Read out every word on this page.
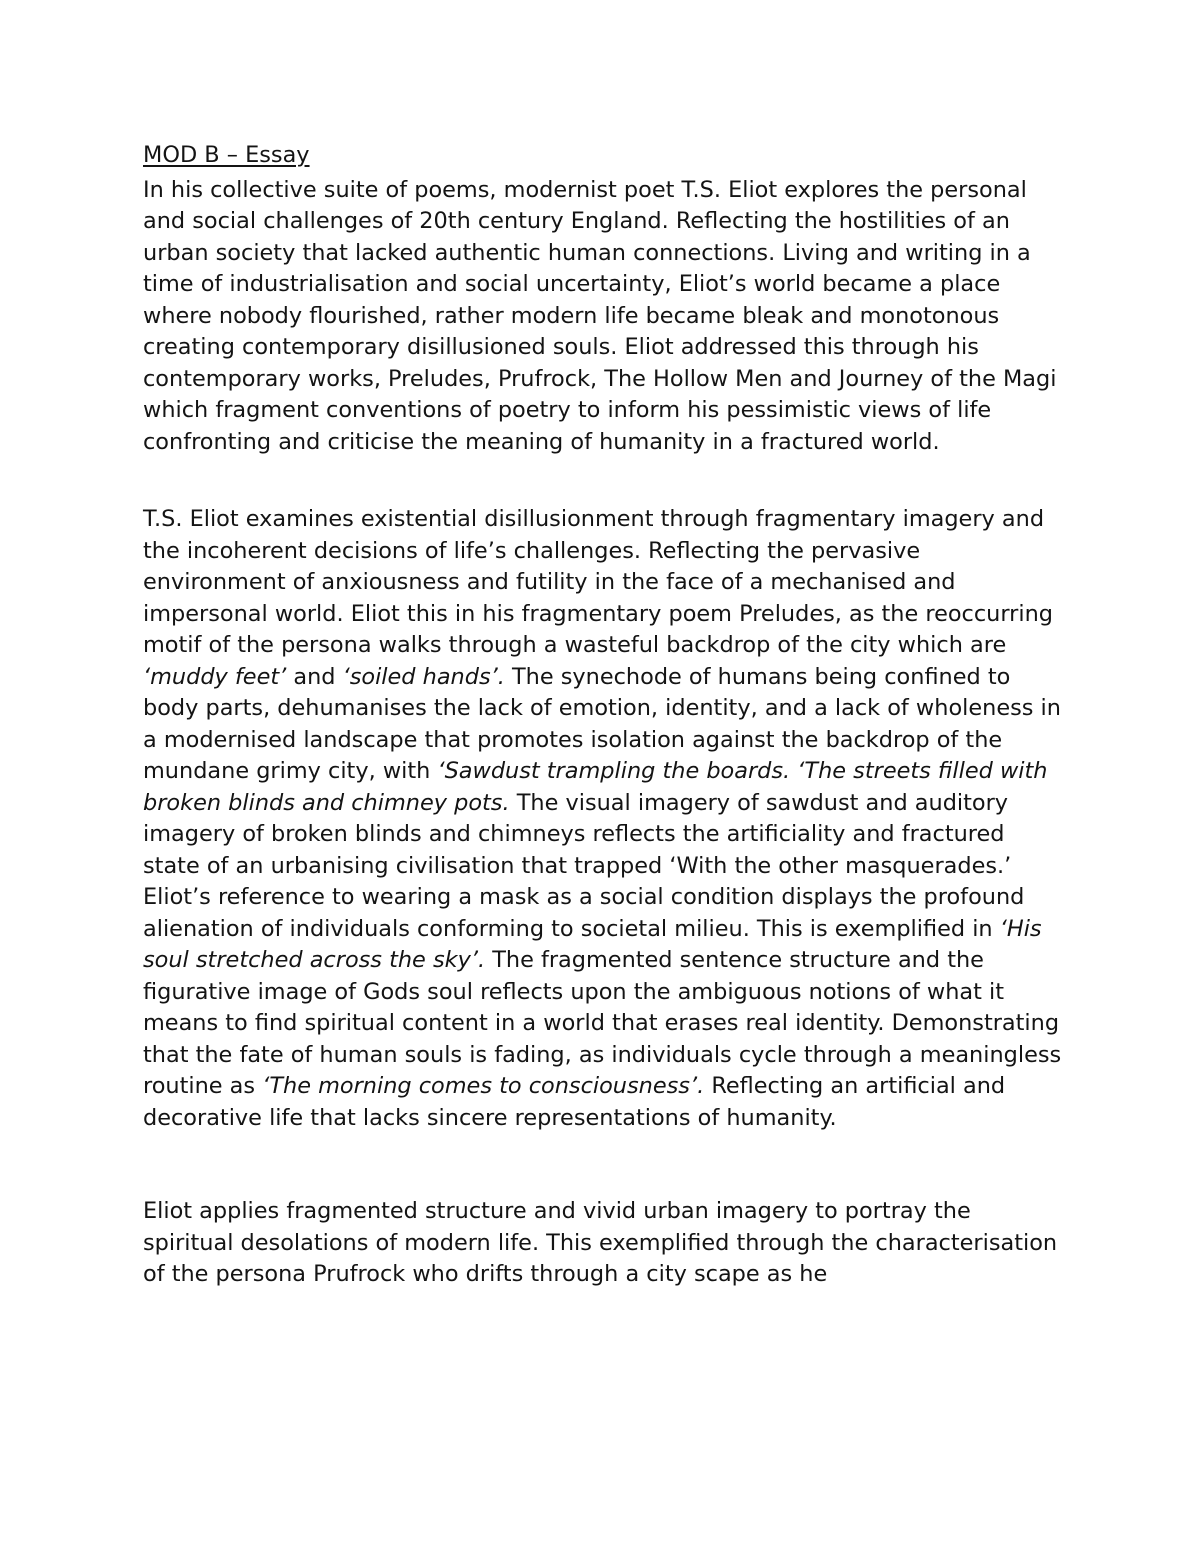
MOD B – Essay

In his collective suite of poems, modernist poet T.S. Eliot explores the personal and social challenges of 20th century England. Reflecting the hostilities of an urban society that lacked authentic human connections. Living and writing in a time of industrialisation and social uncertainty, Eliot’s world became a place where nobody flourished, rather modern life became bleak and monotonous creating contemporary disillusioned souls. Eliot addressed this through his contemporary works, Preludes, Prufrock, The Hollow Men and Journey of the Magi which fragment conventions of poetry to inform his pessimistic views of life confronting and criticise the meaning of humanity in a fractured world.

T.S. Eliot examines existential disillusionment through fragmentary imagery and the incoherent decisions of life’s challenges. Reflecting the pervasive environment of anxiousness and futility in the face of a mechanised and impersonal world. Eliot this in his fragmentary poem Preludes, as the reoccurring motif of the persona walks through a wasteful backdrop of the city which are ‘muddy feet’ and ‘soiled hands’. The synechode of humans being confined to body parts, dehumanises the lack of emotion, identity, and a lack of wholeness in a modernised landscape that promotes isolation against the backdrop of the mundane grimy city, with ‘Sawdust trampling the boards. ‘The streets filled with broken blinds and chimney pots. The visual imagery of sawdust and auditory imagery of broken blinds and chimneys reflects the artificiality and fractured state of an urbanising civilisation that trapped ‘With the other masquerades.’ Eliot’s reference to wearing a mask as a social condition displays the profound alienation of individuals conforming to societal milieu. This is exemplified in ‘His soul stretched across the sky’. The fragmented sentence structure and the figurative image of Gods soul reflects upon the ambiguous notions of what it means to find spiritual content in a world that erases real identity. Demonstrating that the fate of human souls is fading, as individuals cycle through a meaningless routine as ‘The morning comes to consciousness’. Reflecting an artificial and decorative life that lacks sincere representations of humanity.

Eliot applies fragmented structure and vivid urban imagery to portray the spiritual desolations of modern life. This exemplified through the characterisation of the persona Prufrock who drifts through a city scape as he
